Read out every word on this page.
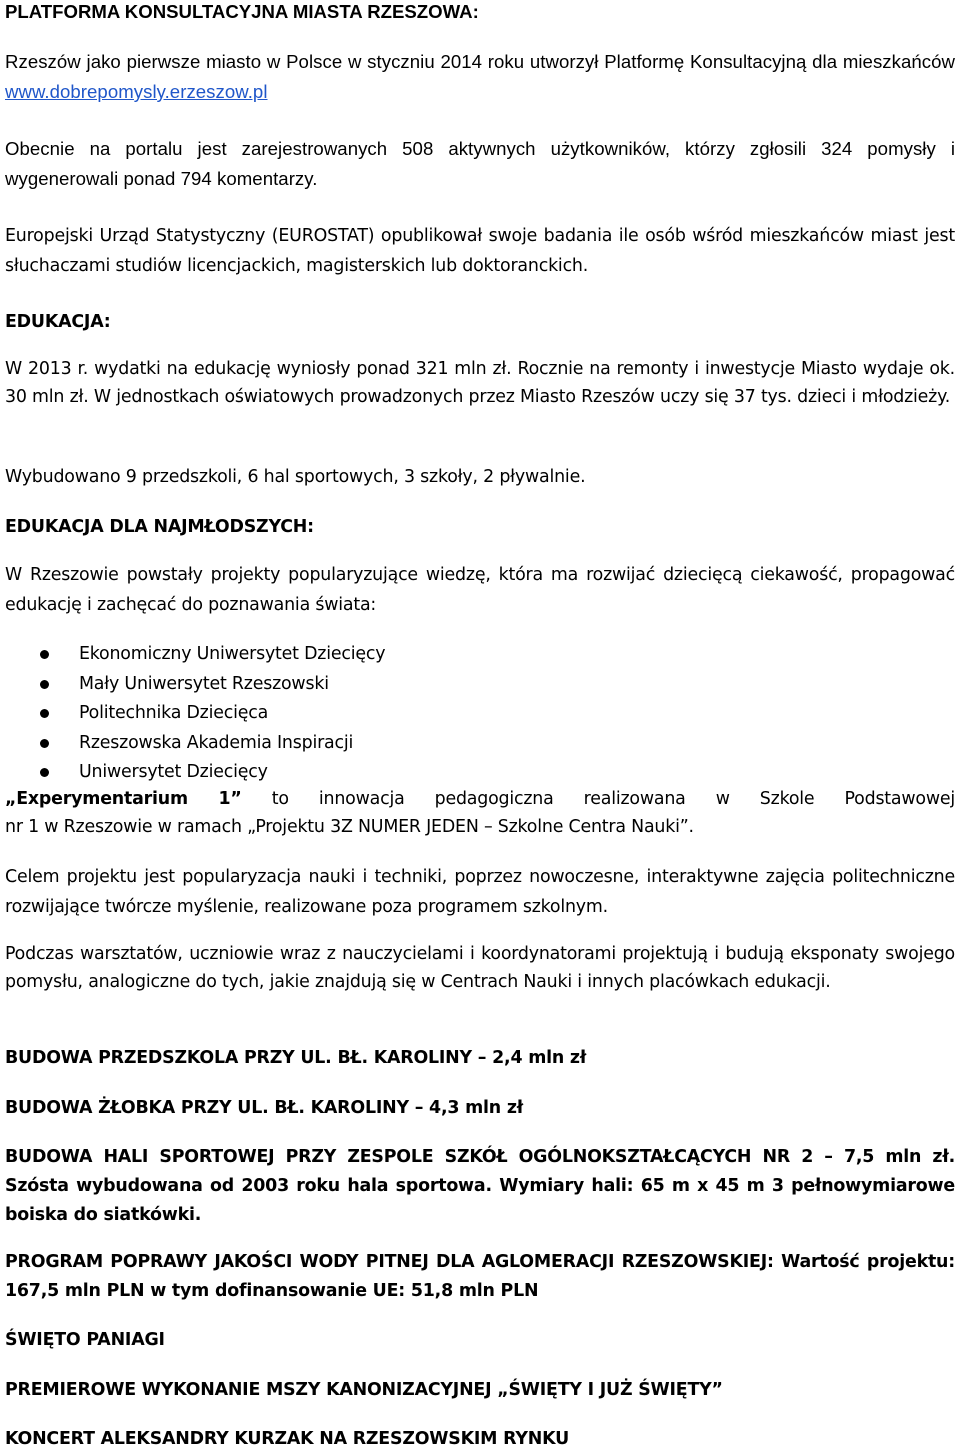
PLATFORMA KONSULTACYJNA MIASTA RZESZOWA:

Rzeszów jako pierwsze miasto w Polsce w styczniu 2014 roku utworzył Platformę Konsultacyjną dla mieszkańców www.dobrepomysly.erzeszow.pl

Obecnie na portalu jest zarejestrowanych 508 aktywnych użytkowników, którzy zgłosili 324 pomysły i wygenerowali ponad 794 komentarzy.

Europejski Urząd Statystyczny (EUROSTAT) opublikował swoje badania ile osób wśród mieszkańców miast jest słuchaczami studiów licencjackich, magisterskich lub doktoranckich.

EDUKACJA:

W 2013 r. wydatki na edukację wyniosły ponad 321 mln zł. Rocznie na remonty i inwestycje Miasto wydaje ok. 30 mln zł. W jednostkach oświatowych prowadzonych przez Miasto Rzeszów uczy się 37 tys. dzieci i młodzieży.

Wybudowano 9 przedszkoli, 6 hal sportowych, 3 szkoły, 2 pływalnie.

EDUKACJA DLA NAJMŁODSZYCH:

W Rzeszowie powstały projekty popularyzujące wiedzę, która ma rozwijać dziecięcą ciekawość, propagować edukację i zachęcać do poznawania świata:

Ekonomiczny Uniwersytet Dziecięcy
Mały Uniwersytet Rzeszowski
Politechnika Dziecięca
Rzeszowska Akademia Inspiracji
Uniwersytet Dziecięcy
„Experymentarium 1” to innowacja pedagogiczna realizowana w Szkole Podstawowej
nr 1 w Rzeszowie w ramach „Projektu 3Z NUMER JEDEN – Szkolne Centra Nauki”.

Celem projektu jest popularyzacja nauki i techniki, poprzez nowoczesne, interaktywne zajęcia politechniczne rozwijające twórcze myślenie, realizowane poza programem szkolnym.

Podczas warsztatów, uczniowie wraz z nauczycielami i koordynatorami projektują i budują eksponaty swojego pomysłu, analogiczne do tych, jakie znajdują się w Centrach Nauki i innych placówkach edukacji.

BUDOWA PRZEDSZKOLA PRZY UL. BŁ. KAROLINY – 2,4 mln zł

BUDOWA ŻŁOBKA PRZY UL. BŁ. KAROLINY – 4,3 mln zł

BUDOWA HALI SPORTOWEJ PRZY ZESPOLE SZKÓŁ OGÓLNOKSZTAŁCĄCYCH NR 2 – 7,5 mln zł. Szósta wybudowana od 2003 roku hala sportowa. Wymiary hali: 65 m x 45 m 3 pełnowymiarowe boiska do siatkówki.

PROGRAM POPRAWY JAKOŚCI WODY PITNEJ DLA AGLOMERACJI RZESZOWSKIEJ: Wartość projektu: 167,5 mln PLN w tym dofinansowanie UE: 51,8 mln PLN

ŚWIĘTO PANIAGI

PREMIEROWE WYKONANIE MSZY KANONIZACYJNEJ „ŚWIĘTY I JUŻ ŚWIĘTY”

KONCERT ALEKSANDRY KURZAK NA RZESZOWSKIM RYNKU
